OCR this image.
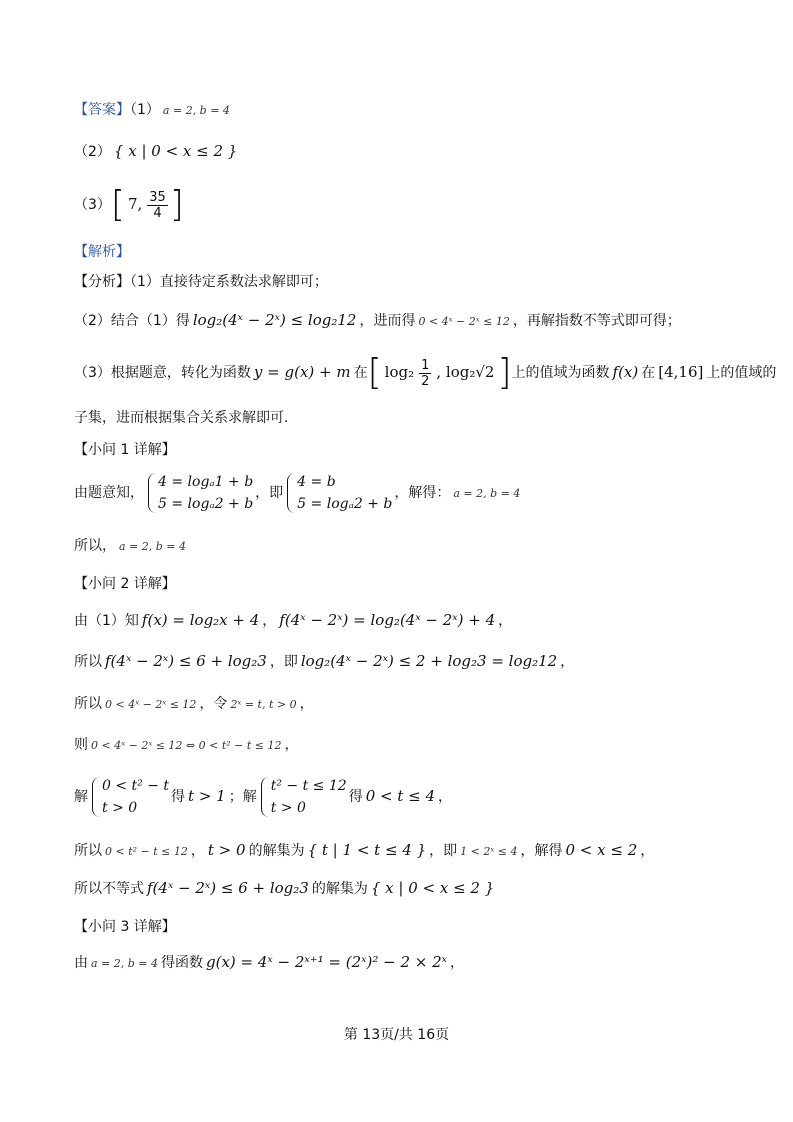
【答案】（1） a = 2, b = 4
（2） { x | 0 < x ≤ 2 }
（3）[ 7, $\frac{35}{4}$ ]
【解析】
【分析】（1）直接待定系数法求解即可；
（2）结合（1）得 log₂(4ˣ − 2ˣ) ≤ log₂12 ，进而得 0 < 4ˣ − 2ˣ ≤ 12 ，再解指数不等式即可得；
（3）根据题意，转化为函数 y = g(x) + m 在[ $\log_2 \frac{1}{2}$ , log₂√2]上的值域为函数 f(x) 在 [4,16] 上的值域的
子集，进而根据集合关系求解即可.
【小问 1 详解】
由题意知，
4 = logₐ1 + b
5 = logₐ2 + b
，即
4 = b
5 = logₐ2 + b
，解得： a = 2, b = 4
所以， a = 2, b = 4
【小问 2 详解】
由（1）知 f(x) = log₂x + 4 ， f(4ˣ − 2ˣ) = log₂(4ˣ − 2ˣ) + 4 ，
所以 f(4ˣ − 2ˣ) ≤ 6 + log₂3 ，即 log₂(4ˣ − 2ˣ) ≤ 2 + log₂3 = log₂12 ，
所以 0 < 4ˣ − 2ˣ ≤ 12 ，令 2ˣ = t, t > 0 ，
则 0 < 4ˣ − 2ˣ ≤ 12 ⇔ 0 < t² − t ≤ 12 ，
解
0 < t² − t
t > 0
得 t > 1 ；解
t² − t ≤ 12
t > 0
得 0 < t ≤ 4 ，
所以 0 < t² − t ≤ 12 ， t > 0 的解集为 { t | 1 < t ≤ 4 } ，即 1 < 2ˣ ≤ 4 ，解得 0 < x ≤ 2 ，
所以不等式 f(4ˣ − 2ˣ) ≤ 6 + log₂3 的解集为 { x | 0 < x ≤ 2 }
【小问 3 详解】
由 a = 2, b = 4 得函数 g(x) = 4ˣ − 2ˣ⁺¹ = (2ˣ)² − 2 × 2ˣ ，
第 13页/共 16页
